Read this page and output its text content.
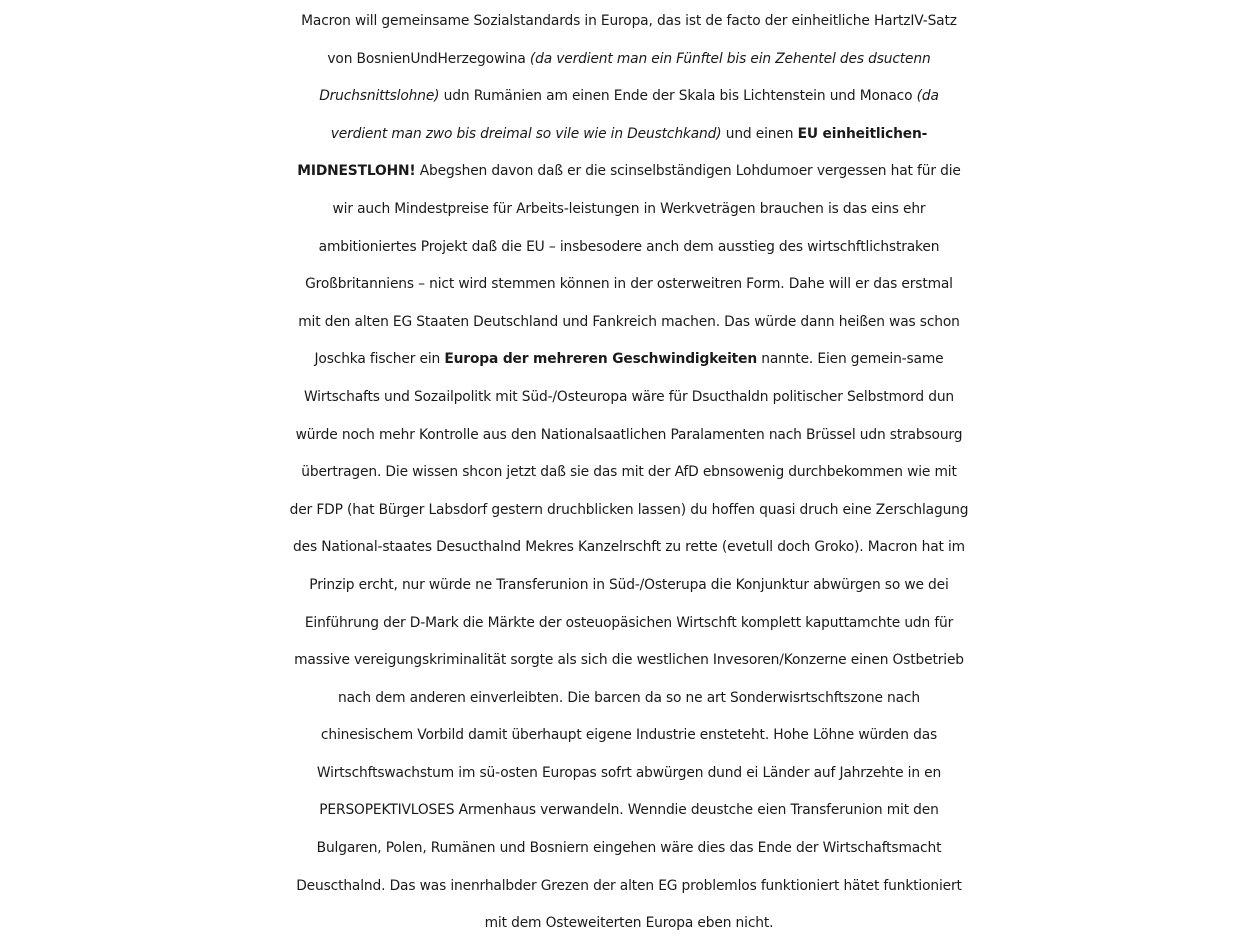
Macron will gemeinsame Sozialstandards in Europa, das ist de facto der einheitliche HartzIV-Satz
von BosnienUndHerzegowina (da verdient man ein Fünftel bis ein Zehentel des dsuctenn
Druchsnittslohne) udn Rumänien am einen Ende der Skala bis Lichtenstein und Monaco (da
verdient man zwo bis dreimal so vile wie in Deustchkand) und einen EU einheitlichen-
MIDNESTLOHN! Abegshen davon daß er die scinselbständigen Lohdumoer vergessen hat für die
wir auch Mindestpreise für Arbeits-leistungen in Werkveträgen brauchen is das eins ehr
ambitioniertes Projekt daß die EU – insbesodere anch dem ausstieg des wirtschftlichstraken
Großbritanniens – nict wird stemmen können in der osterweitren Form. Dahe will er das erstmal
mit den alten EG Staaten Deutschland und Fankreich machen. Das würde dann heißen was schon
Joschka fischer ein Europa der mehreren Geschwindigkeiten nannte. Eien gemein-same
Wirtschafts und Sozailpolitk mit Süd-/Osteuropa wäre für Dsucthaldn politischer Selbstmord dun
würde noch mehr Kontrolle aus den Nationalsaatlichen Paralamenten nach Brüssel udn strabsourg
übertragen. Die wissen shcon jetzt daß sie das mit der AfD ebnsowenig durchbekommen wie mit
der FDP (hat Bürger Labsdorf gestern druchblicken lassen) du hoffen quasi druch eine Zerschlagung
des National-staates Desucthalnd Mekres Kanzelrschft zu rette (evetull doch Groko). Macron hat im
Prinzip ercht, nur würde ne Transferunion in Süd-/Osterupa die Konjunktur abwürgen so we dei
Einführung der D-Mark die Märkte der osteuopäsichen Wirtschft komplett kaputtamchte udn für
massive vereigungskriminalität sorgte als sich die westlichen Invesoren/Konzerne einen Ostbetrieb
nach dem anderen einverleibten. Die barcen da so ne art Sonderwisrtschftszone nach
chinesischem Vorbild damit überhaupt eigene Industrie ensteteht. Hohe Löhne würden das
Wirtschftswachstum im sü-osten Europas sofrt abwürgen dund ei Länder auf Jahrzehte in en
PERSOPEKTIVLOSES Armenhaus verwandeln. Wenndie deustche eien Transferunion mit den
Bulgaren, Polen, Rumänen und Bosniern eingehen wäre dies das Ende der Wirtschaftsmacht
Deuscthalnd. Das was inenrhalbder Grezen der alten EG problemlos funktioniert hätet funktioniert
mit dem Osteweiterten Europa eben nicht.
